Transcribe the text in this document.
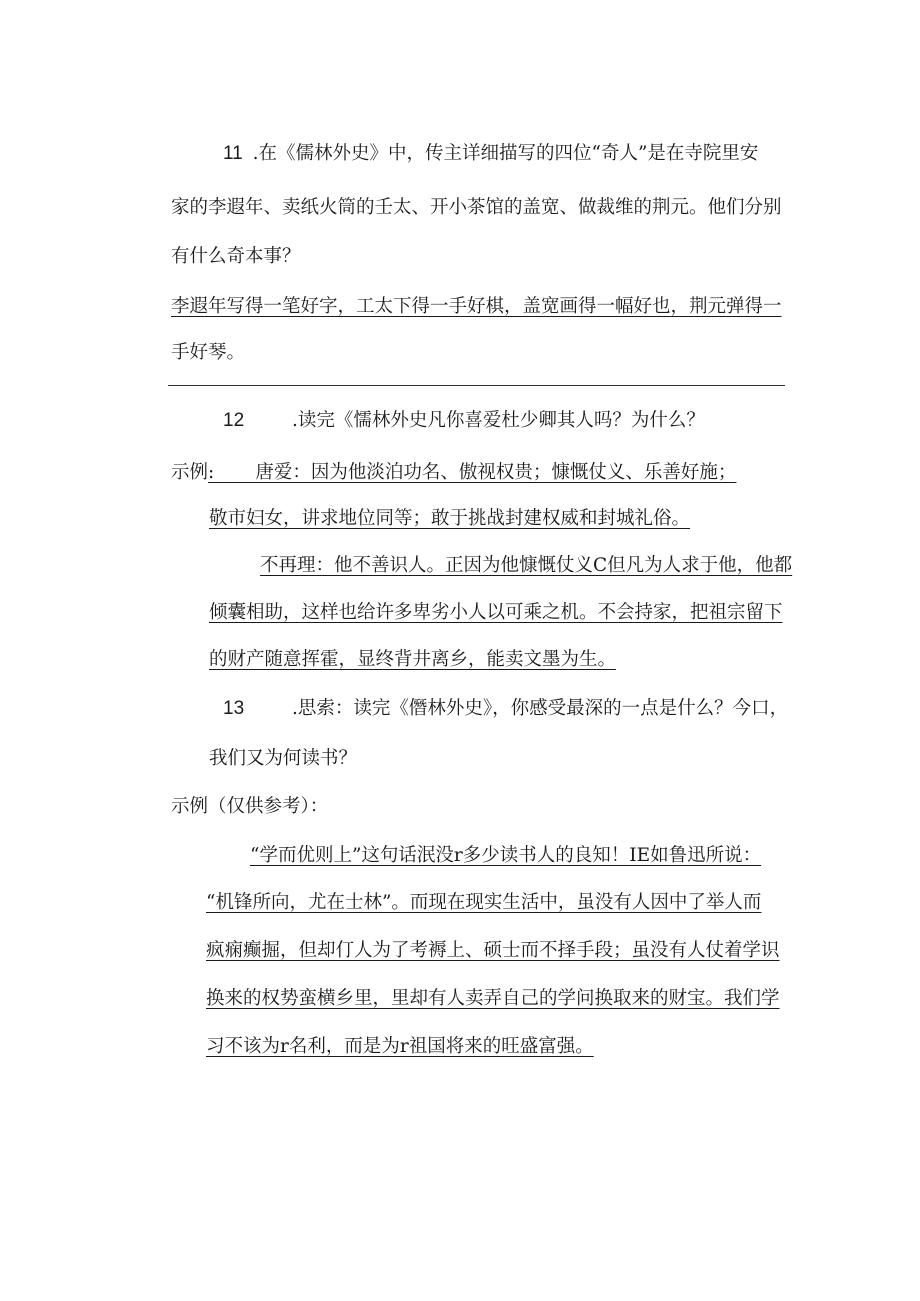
11 .在《儒林外史》中，传主详细描写的四位“奇人”是在寺院里安
家的李遐年、卖纸火筒的壬太、开小茶馆的盖宽、做裁维的荆元。他们分别
有什么奇本事？
李遐年写得一笔好字，工太下得一手好棋，盖宽画得一幅好也，荆元弹得一
手好琴。
12	.读完《懦林外史凡你喜爱杜少卿其人吗？为什么？
示例:       唐爱：因为他淡泊功名、傲视权贵；慷慨仗义、乐善好施；
敬市妇女，讲求地位同等；敢于挑战封建权威和封城礼俗。
不再理：他不善识人。正因为他慷慨仗义C但凡为人求于他，他都
倾囊相助，这样也给许多卑劣小人以可乘之机。不会持家，把祖宗留下
的财产随意挥霍，显终背井离乡，能卖文墨为生。
13	.思索：读完《僭林外史》，你感受最深的一点是什么？今口，
我们又为何读书？
示例（仅供参考）：
“学而优则上”这句话泯没r多少读书人的良知！IE如鲁迅所说：
“机锋所向，尤在士林”。而现在现实生活中，虽没有人因中了举人而
疯痫癫掘，但却仃人为了考褥上、硕士而不择手段；虽没有人仗着学识
换来的权势蛮横乡里，里却有人卖弄自己的学问换取来的财宝。我们学
习不该为r名利，而是为r祖国将来的旺盛富强。
